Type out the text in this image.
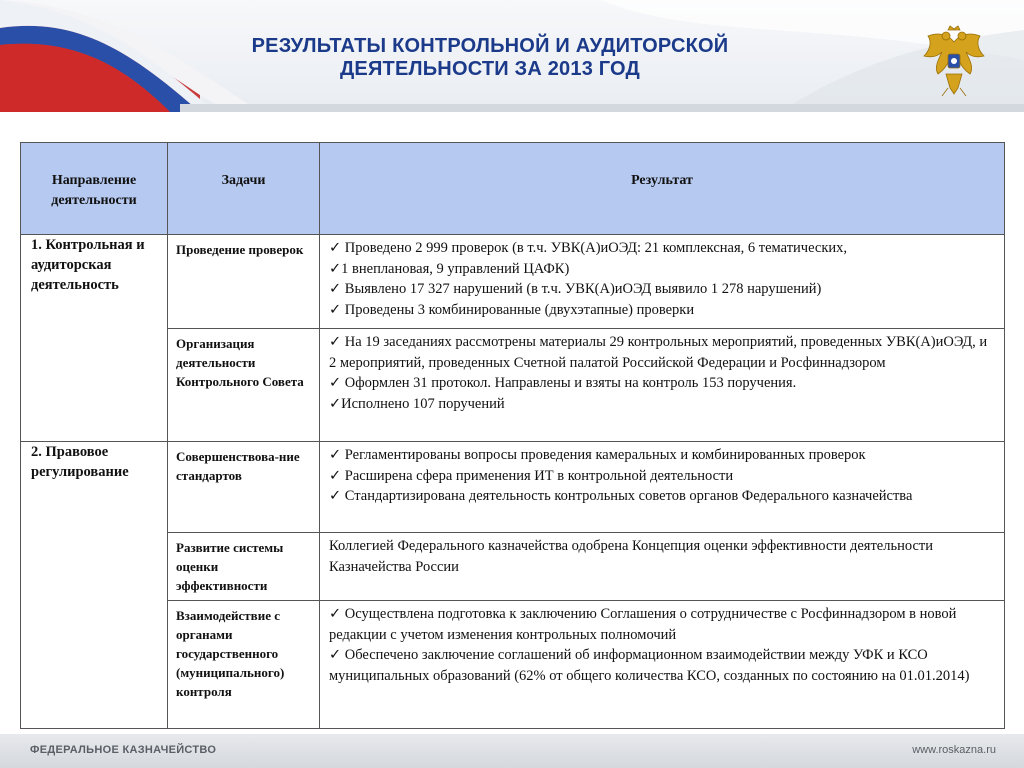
РЕЗУЛЬТАТЫ КОНТРОЛЬНОЙ И АУДИТОРСКОЙ
ДЕЯТЕЛЬНОСТИ ЗА 2013 ГОД
Направление деятельности	Задачи	Результат
1. Контрольная и аудиторская деятельность	Проведение проверок	✓ Проведено 2 999 проверок (в т.ч. УВК(А)иОЭД: 21 комплексная, 6 тематических,
✓1 внеплановая, 9 управлений ЦАФК)
✓ Выявлено 17 327 нарушений (в т.ч. УВК(А)иОЭД выявило 1 278 нарушений)
✓ Проведены 3 комбинированные (двухэтапные) проверки

	Организация деятельности Контрольного Совета	✓ На 19 заседаниях рассмотрены материалы 29 контрольных мероприятий, проведенных УВК(А)иОЭД, и 2 мероприятий, проведенных Счетной палатой Российской Федерации и Росфиннадзором
✓ Оформлен 31 протокол. Направлены и взяты на контроль 153 поручения.
✓Исполнено 107 поручений

2. Правовое регулирование	Совершенствова-ние стандартов	✓ Регламентированы вопросы проведения камеральных и комбинированных проверок
✓ Расширена сфера применения ИТ в контрольной деятельности
✓ Стандартизирована деятельность контрольных советов органов Федерального казначейства

	Развитие системы оценки эффективности	Коллегией Федерального казначейства одобрена Концепция оценки эффективности деятельности Казначейства России

	Взаимодействие с органами государственного (муниципального) контроля	✓ Осуществлена подготовка к заключению Соглашения о сотрудничестве с Росфиннадзором в новой редакции с учетом изменения контрольных полномочий
✓ Обеспечено заключение соглашений об информационном взаимодействии между УФК и КСО муниципальных образований (62% от общего количества КСО, созданных по состоянию на 01.01.2014)
ФЕДЕРАЛЬНОЕ КАЗНАЧЕЙСТВО	www.roskazna.ru
